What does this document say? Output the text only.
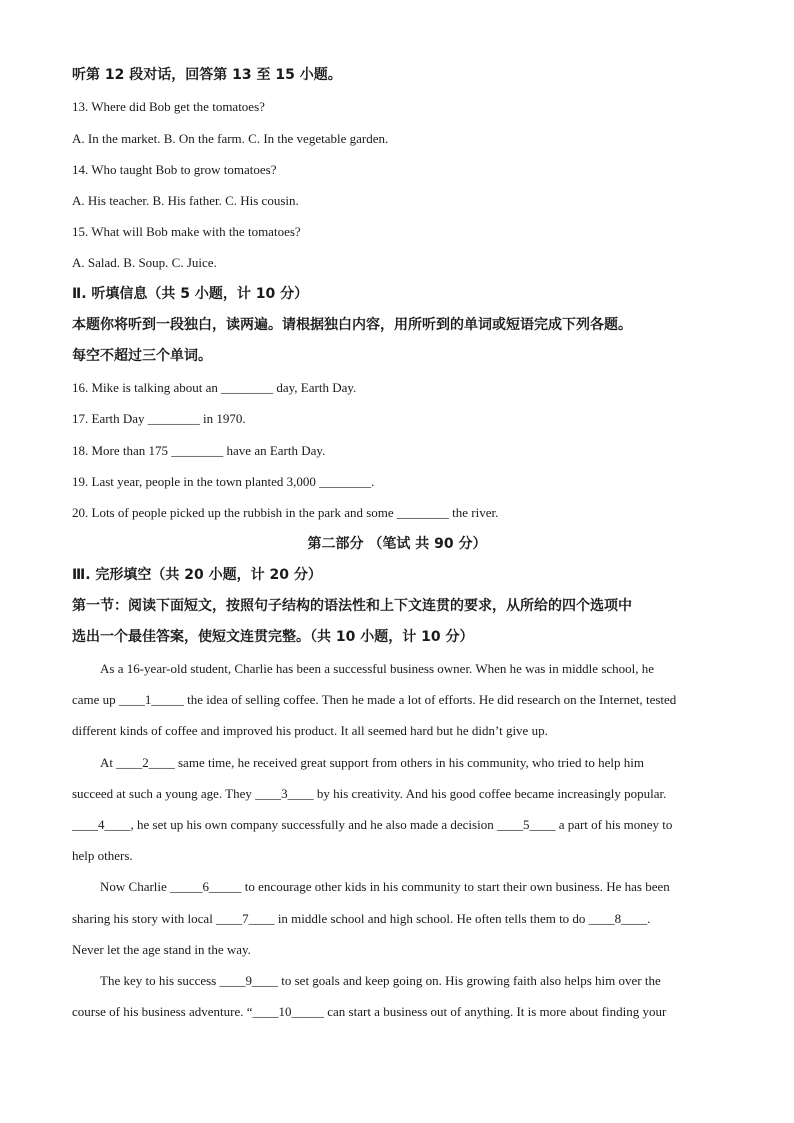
听第 12 段对话，回答第 13 至 15 小题。
13. Where did Bob get the tomatoes?
A. In the market. B. On the farm. C. In the vegetable garden.
14. Who taught Bob to grow tomatoes?
A. His teacher. B. His father. C. His cousin.
15. What will Bob make with the tomatoes?
A. Salad. B. Soup. C. Juice.
Ⅱ. 听填信息（共 5 小题，计 10 分）
本题你将听到一段独白，读两遍。请根据独白内容，用所听到的单词或短语完成下列各题。
每空不超过三个单词。
16. Mike is talking about an ________ day, Earth Day.
17. Earth Day ________ in 1970.
18. More than 175 ________ have an Earth Day.
19. Last year, people in the town planted 3,000 ________.
20. Lots of people picked up the rubbish in the park and some ________ the river.
第二部分 （笔试 共 90 分）
Ⅲ. 完形填空（共 20 小题，计 20 分）
第一节：阅读下面短文，按照句子结构的语法性和上下文连贯的要求，从所给的四个选项中
选出一个最佳答案，使短文连贯完整。（共 10 小题，计 10 分）
As a 16-year-old student, Charlie has been a successful business owner. When he was in middle school, he
came up ____1_____ the idea of selling coffee. Then he made a lot of efforts. He did research on the Internet, tested
different kinds of coffee and improved his product. It all seemed hard but he didn’t give up.
At ____2____ same time, he received great support from others in his community, who tried to help him
succeed at such a young age. They ____3____ by his creativity. And his good coffee became increasingly popular.
____4____, he set up his own company successfully and he also made a decision ____5____ a part of his money to
help others.
Now Charlie _____6_____ to encourage other kids in his community to start their own business. He has been
sharing his story with local ____7____ in middle school and high school. He often tells them to do ____8____.
Never let the age stand in the way.
The key to his success ____9____ to set goals and keep going on. His growing faith also helps him over the
course of his business adventure. “____10_____ can start a business out of anything. It is more about finding your
